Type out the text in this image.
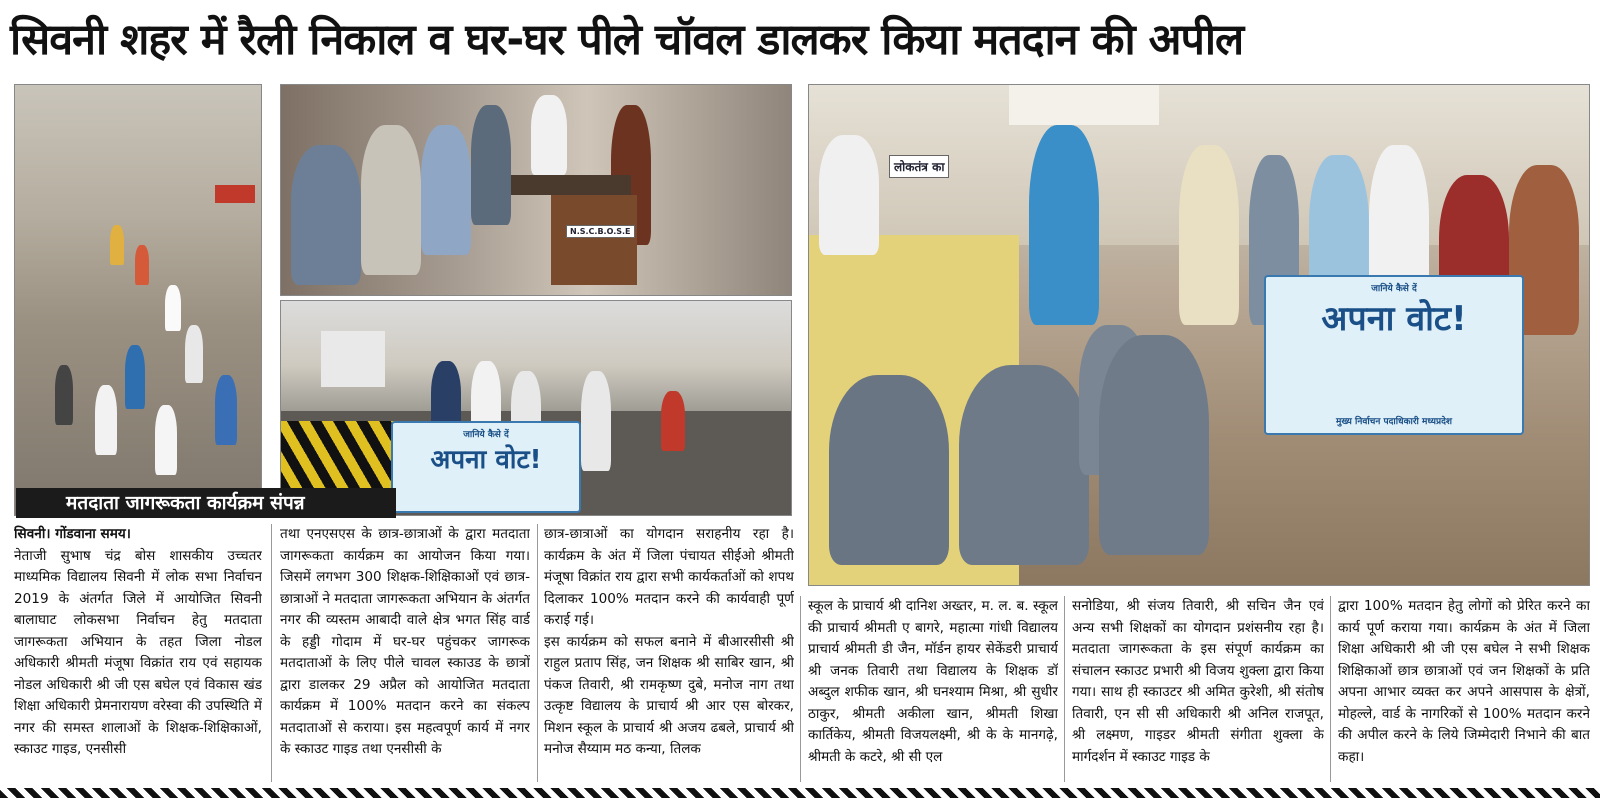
सिवनी शहर में रैली निकाल व घर-घर पीले चॉवल डालकर किया मतदान की अपील
N.S.C.B.O.S.E
जानिये कैसे दें
अपना वोट!
मतदाता जागरूकता कार्यक्रम संपन्न
लोकतंत्र का
जानिये कैसे दें
अपना वोट!
मुख्य निर्वाचन पदाधिकारी मध्यप्रदेश

सिवनी। गोंडवाना समय।

नेताजी सुभाष चंद्र बोस शासकीय उच्चतर माध्यमिक विद्यालय सिवनी में लोक सभा निर्वाचन 2019 के अंतर्गत जिले में आयोजित सिवनी बालाघाट लोकसभा निर्वाचन हेतु मतदाता जागरूकता अभियान के तहत जिला नोडल अधिकारी श्रीमती मंजूषा विक्रांत राय एवं सहायक नोडल अधिकारी श्री जी एस बघेल एवं विकास खंड शिक्षा अधिकारी प्रेमनारायण वरेस्वा की उपस्थिति में नगर की समस्त शालाओं के शिक्षक-शिक्षिकाओं, स्काउट गाइड, एनसीसी

तथा एनएसएस के छात्र-छात्राओं के द्वारा मतदाता जागरूकता कार्यक्रम का आयोजन किया गया। जिसमें लगभग 300 शिक्षक-शिक्षिकाओं एवं छात्र-छात्राओं ने मतदाता जागरूकता अभियान के अंतर्गत नगर की व्यस्तम आबादी वाले क्षेत्र भगत सिंह वार्ड के हड्डी गोदाम में घर-घर पहुंचकर जागरूक मतदाताओं के लिए पीले चावल स्काउड के छात्रों द्वारा डालकर 29 अप्रैल को आयोजित मतदाता कार्यक्रम में 100% मतदान करने का संकल्प मतदाताओं से कराया। इस महत्वपूर्ण कार्य में नगर के स्काउट गाइड तथा एनसीसी के

छात्र-छात्राओं का योगदान सराहनीय रहा है। कार्यक्रम के अंत में जिला पंचायत सीईओ श्रीमती मंजूषा विक्रांत राय द्वारा सभी कार्यकर्ताओं को शपथ दिलाकर 100% मतदान करने की कार्यवाही पूर्ण कराई गई।

इस कार्यक्रम को सफल बनाने में बीआरसीसी श्री राहुल प्रताप सिंह, जन शिक्षक श्री साबिर खान, श्री पंकज तिवारी, श्री रामकृष्ण दुबे, मनोज नाग तथा उत्कृष्ट विद्यालय के प्राचार्य श्री आर एस बोरकर, मिशन स्कूल के प्राचार्य श्री अजय ढबले, प्राचार्य श्री मनोज सैय्याम मठ कन्या, तिलक

स्कूल के प्राचार्य श्री दानिश अख्तर, म. ल. ब. स्कूल की प्राचार्य श्रीमती ए बागरे, महात्मा गांधी विद्यालय प्राचार्य श्रीमती डी जैन, मॉर्डन हायर सेकेंडरी प्राचार्य श्री जनक तिवारी तथा विद्यालय के शिक्षक डॉ अब्दुल शफीक खान, श्री घनश्याम मिश्रा, श्री सुधीर ठाकुर, श्रीमती अकीला खान, श्रीमती शिखा कार्तिकेय, श्रीमती विजयलक्ष्मी, श्री के के मानगढ़े, श्रीमती के कटरे, श्री सी एल

सनोडिया, श्री संजय तिवारी, श्री सचिन जैन एवं अन्य सभी शिक्षकों का योगदान प्रशंसनीय रहा है। मतदाता जागरूकता के इस संपूर्ण कार्यक्रम का संचालन स्काउट प्रभारी श्री विजय शुक्ला द्वारा किया गया। साथ ही स्काउटर श्री अमित कुरेशी, श्री संतोष तिवारी, एन सी सी अधिकारी श्री अनिल राजपूत, श्री लक्ष्मण, गाइडर श्रीमती संगीता शुक्ला के मार्गदर्शन में स्काउट गाइड के

द्वारा 100% मतदान हेतु लोगों को प्रेरित करने का कार्य पूर्ण कराया गया। कार्यक्रम के अंत में जिला शिक्षा अधिकारी श्री जी एस बघेल ने सभी शिक्षक शिक्षिकाओं छात्र छात्राओं एवं जन शिक्षकों के प्रति अपना आभार व्यक्त कर अपने आसपास के क्षेत्रों, मोहल्ले, वार्ड के नागरिकों से 100% मतदान करने की अपील करने के लिये जिम्मेदारी निभाने की बात कहा।
